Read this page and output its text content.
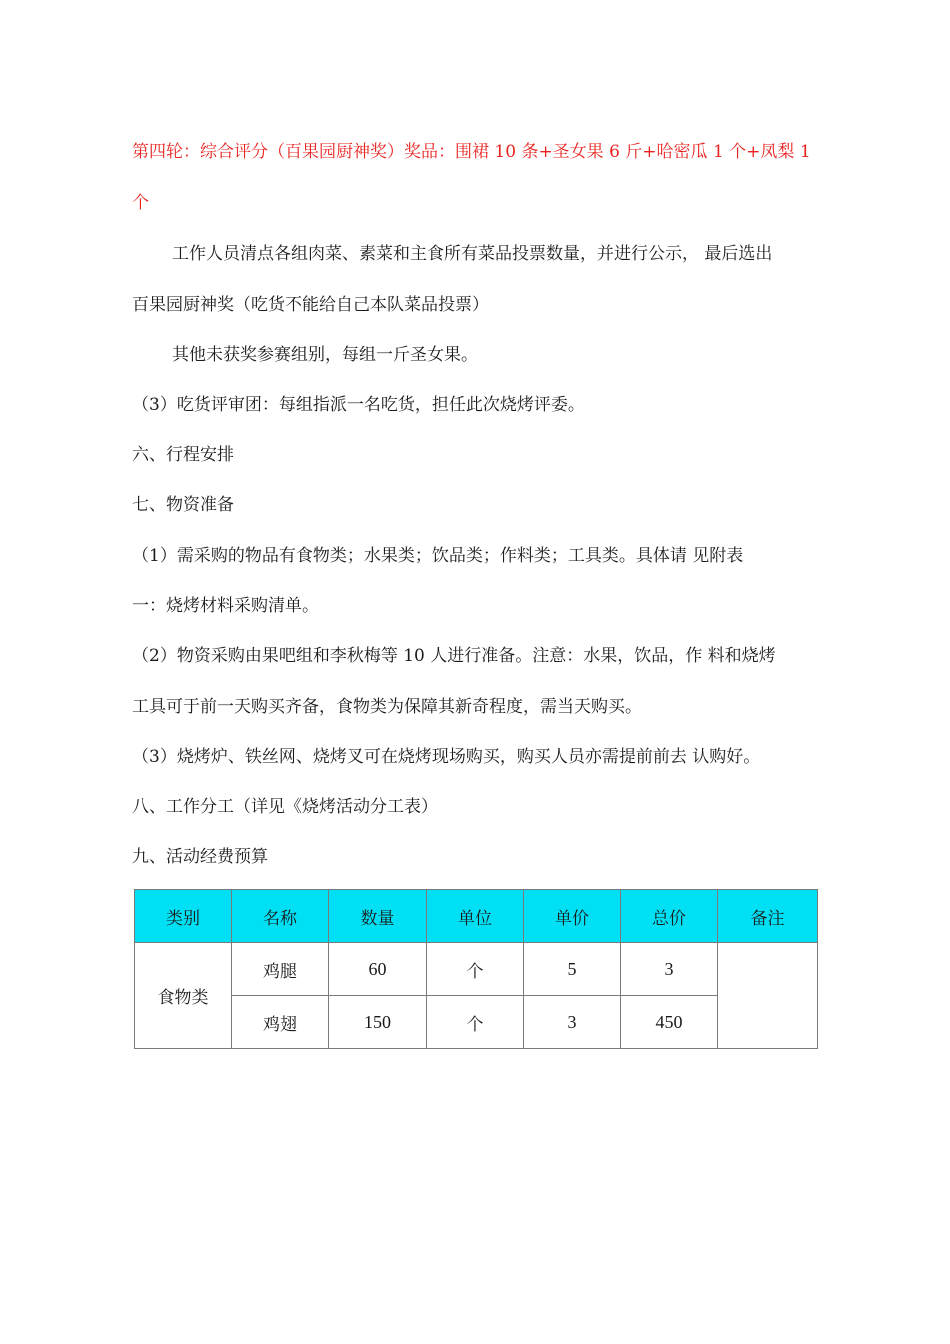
第四轮：综合评分（百果园厨神奖）奖品：围裙 10 条+圣女果 6 斤+哈密瓜 1 个+凤梨 1
个
工作人员清点各组肉菜、素菜和主食所有菜品投票数量，并进行公示， 最后选出
百果园厨神奖（吃货不能给自己本队菜品投票）
其他未获奖参赛组别，每组一斤圣女果。
（3）吃货评审团：每组指派一名吃货，担任此次烧烤评委。
六、行程安排
七、物资准备
（1）需采购的物品有食物类；水果类；饮品类；作料类；工具类。具体请 见附表
一：烧烤材料采购清单。
（2）物资采购由果吧组和李秋梅等 10 人进行准备。注意：水果，饮品，作 料和烧烤
工具可于前一天购买齐备，食物类为保障其新奇程度，需当天购买。
（3）烧烤炉、铁丝网、烧烤叉可在烧烤现场购买，购买人员亦需提前前去 认购好。
八、工作分工（详见《烧烤活动分工表）
九、活动经费预算
类别	名称	数量	单位	单价	总价	备注
食物类	鸡腿	60	个	5	3	
	鸡翅	150	个	3	450	
